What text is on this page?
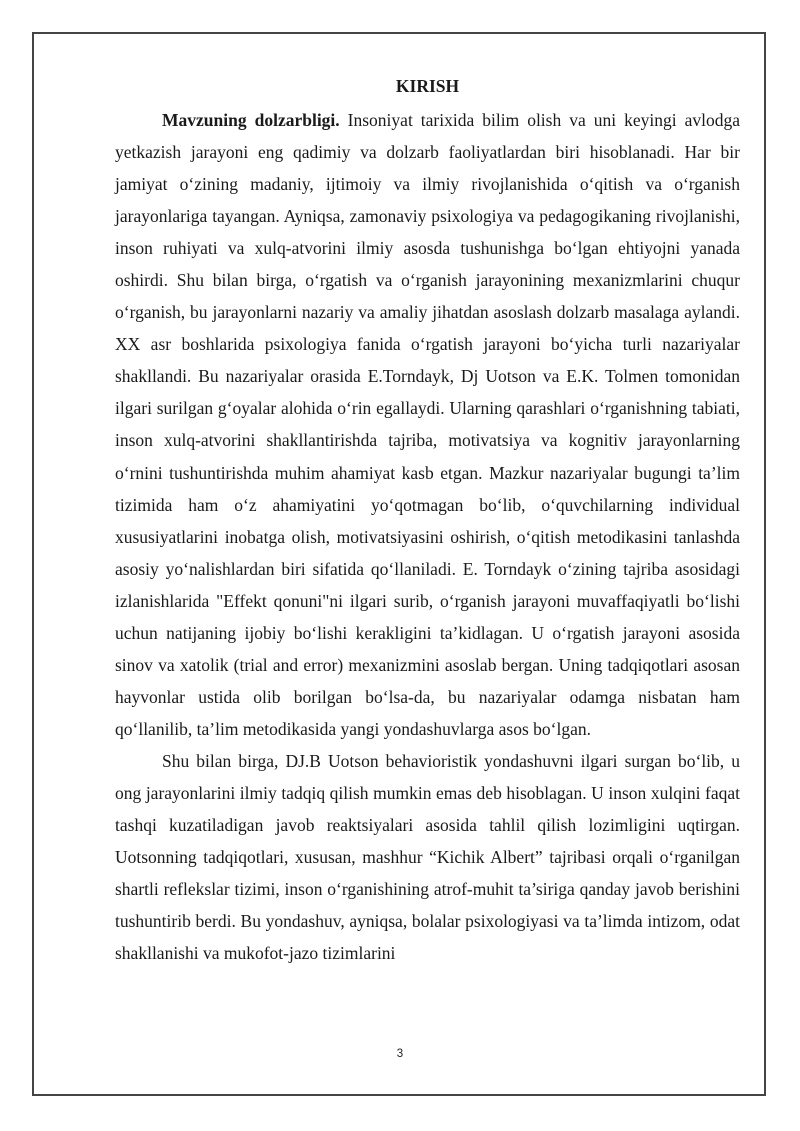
KIRISH

Mavzuning dolzarbligi. Insoniyat tarixida bilim olish va uni keyingi avlodga yetkazish jarayoni eng qadimiy va dolzarb faoliyatlardan biri hisoblanadi. Har bir jamiyat o‘zining madaniy, ijtimoiy va ilmiy rivojlanishida o‘qitish va o‘rganish jarayonlariga tayangan. Ayniqsa, zamonaviy psixologiya va pedagogikaning rivojlanishi, inson ruhiyati va xulq-atvorini ilmiy asosda tushunishga bo‘lgan ehtiyojni yanada oshirdi. Shu bilan birga, o‘rgatish va o‘rganish jarayonining mexanizmlarini chuqur o‘rganish, bu jarayonlarni nazariy va amaliy jihatdan asoslash dolzarb masalaga aylandi. XX asr boshlarida psixologiya fanida o‘rgatish jarayoni bo‘yicha turli nazariyalar shakllandi. Bu nazariyalar orasida E.Torndayk, Dj Uotson va E.K. Tolmen tomonidan ilgari surilgan g‘oyalar alohida o‘rin egallaydi. Ularning qarashlari o‘rganishning tabiati, inson xulq-atvorini shakllantirishda tajriba, motivatsiya va kognitiv jarayonlarning o‘rnini tushuntirishda muhim ahamiyat kasb etgan. Mazkur nazariyalar bugungi ta’lim tizimida ham o‘z ahamiyatini yo‘qotmagan bo‘lib, o‘quvchilarning individual xususiyatlarini inobatga olish, motivatsiyasini oshirish, o‘qitish metodikasini tanlashda asosiy yo‘nalishlardan biri sifatida qo‘llaniladi. E. Torndayk o‘zining tajriba asosidagi izlanishlarida "Effekt qonuni"ni ilgari surib, o‘rganish jarayoni muvaffaqiyatli bo‘lishi uchun natijaning ijobiy bo‘lishi kerakligini ta’kidlagan. U o‘rgatish jarayoni asosida sinov va xatolik (trial and error) mexanizmini asoslab bergan. Uning tadqiqotlari asosan hayvonlar ustida olib borilgan bo‘lsa-da, bu nazariyalar odamga nisbatan ham qo‘llanilib, ta’lim metodikasida yangi yondashuvlarga asos bo‘lgan.

Shu bilan birga, DJ.B Uotson behavioristik yondashuvni ilgari surgan bo‘lib, u ong jarayonlarini ilmiy tadqiq qilish mumkin emas deb hisoblagan. U inson xulqini faqat tashqi kuzatiladigan javob reaktsiyalari asosida tahlil qilish lozimligini uqtirgan. Uotsonning tadqiqotlari, xususan, mashhur “Kichik Albert” tajribasi orqali o‘rganilgan shartli reflekslar tizimi, inson o‘rganishining atrof-muhit ta’siriga qanday javob berishini tushuntirib berdi. Bu yondashuv, ayniqsa, bolalar psixologiyasi va ta’limda intizom, odat shakllanishi va mukofot-jazo tizimlarini

3
